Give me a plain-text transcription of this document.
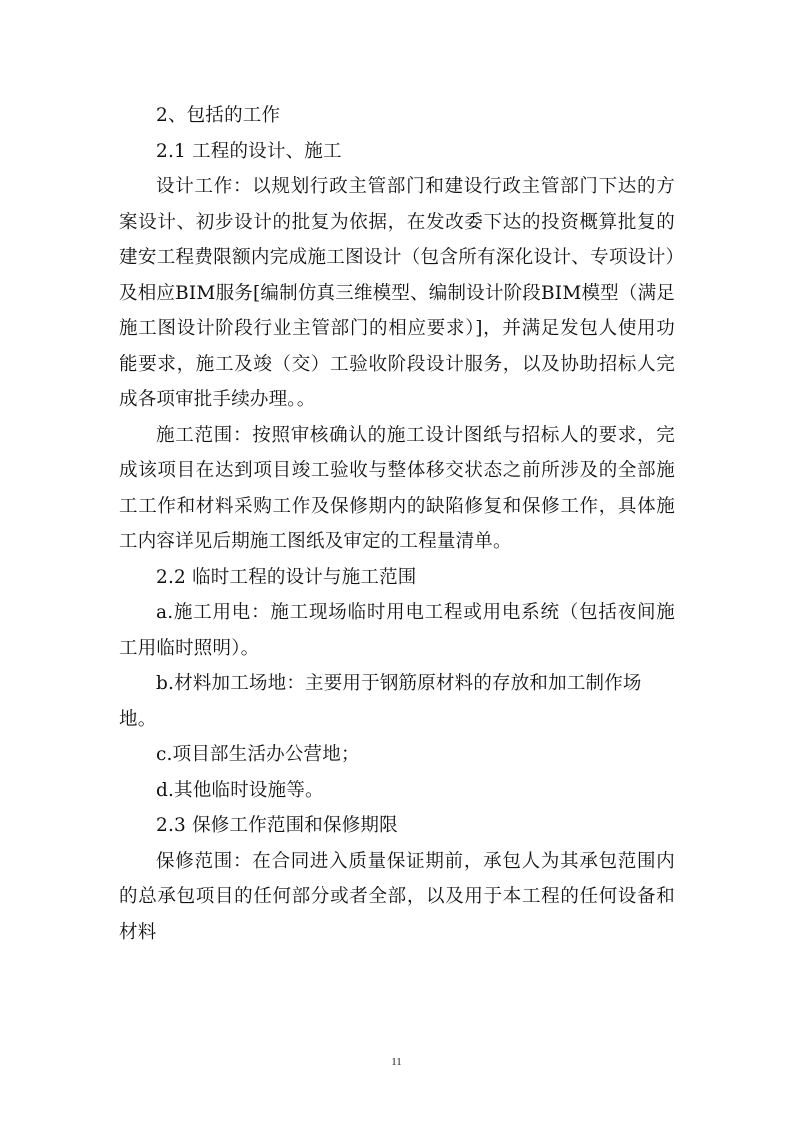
2、包括的工作

2.1 工程的设计、施工

设计工作：以规划行政主管部门和建设行政主管部门下达的方案设计、初步设计的批复为依据，在发改委下达的投资概算批复的建安工程费限额内完成施工图设计（包含所有深化设计、专项设计）及相应BIM服务[编制仿真三维模型、编制设计阶段BIM模型（满足施工图设计阶段行业主管部门的相应要求）]，并满足发包人使用功能要求，施工及竣（交）工验收阶段设计服务，以及协助招标人完成各项审批手续办理。。

施工范围：按照审核确认的施工设计图纸与招标人的要求，完成该项目在达到项目竣工验收与整体移交状态之前所涉及的全部施工工作和材料采购工作及保修期内的缺陷修复和保修工作，具体施工内容详见后期施工图纸及审定的工程量清单。

2.2 临时工程的设计与施工范围

a.施工用电：施工现场临时用电工程或用电系统（包括夜间施工用临时照明）。

b.材料加工场地：主要用于钢筋原材料的存放和加工制作场地。

c.项目部生活办公营地；

d.其他临时设施等。

2.3 保修工作范围和保修期限

保修范围：在合同进入质量保证期前，承包人为其承包范围内的总承包项目的任何部分或者全部，以及用于本工程的任何设备和材料

11
